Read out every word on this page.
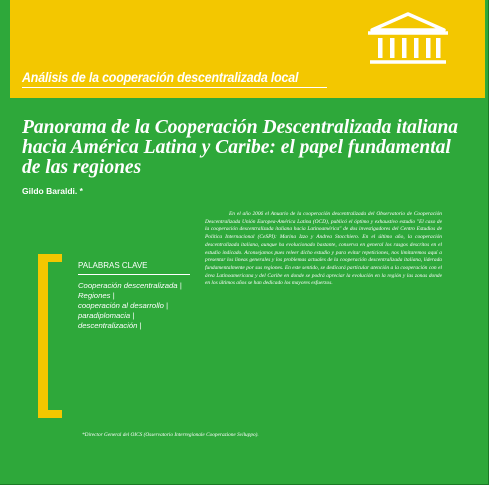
Análisis de la cooperación descentralizada local
Panorama de la Cooperación Descentralizada italiana hacia América Latina y Caribe: el papel fundamental de las regiones
Gildo Baraldi. *

En el año 2006 el Anuario de la cooperación descentralizada del Observatorio de Cooperación Descentralizada Unión Europea-América Latina (OCD), publicó el óptimo y exhaustivo estudio "El caso de la cooperación descentralizada italiana hacia Latinoamérica" de dos investigadores del Centro Estudios de Política Internacional (CeSPI): Marina Izzo y Andrea Stocchiero. En el último año, la cooperación descentralizada italiana, aunque ha evolucionado bastante, conserva en general los rasgos descritos en el estudio indicado. Aconsejamos pues releer dicho estudio y para evitar repeticiones, nos limitaremos aquí a presentar los lineas generales y los problemas actuales de la cooperación descentralizada italiana, liderada fundamentalmente por sus regiones. En este sentido, se dedicará particular atención a la cooperación con el área Latinoamericana y del Caribe en donde se podrá apreciar la evolución en la región y las zonas donde en los últimos años se han dedicado los mayores esfuerzos.

PALABRAS CLAVE
Cooperación descentralizada |
Regiones |
cooperación al desarrollo |
paradiplomacia |
descentralización |
*Director General del OICS (Osservatorio Interregionale Cooperazione Sviluppo).
